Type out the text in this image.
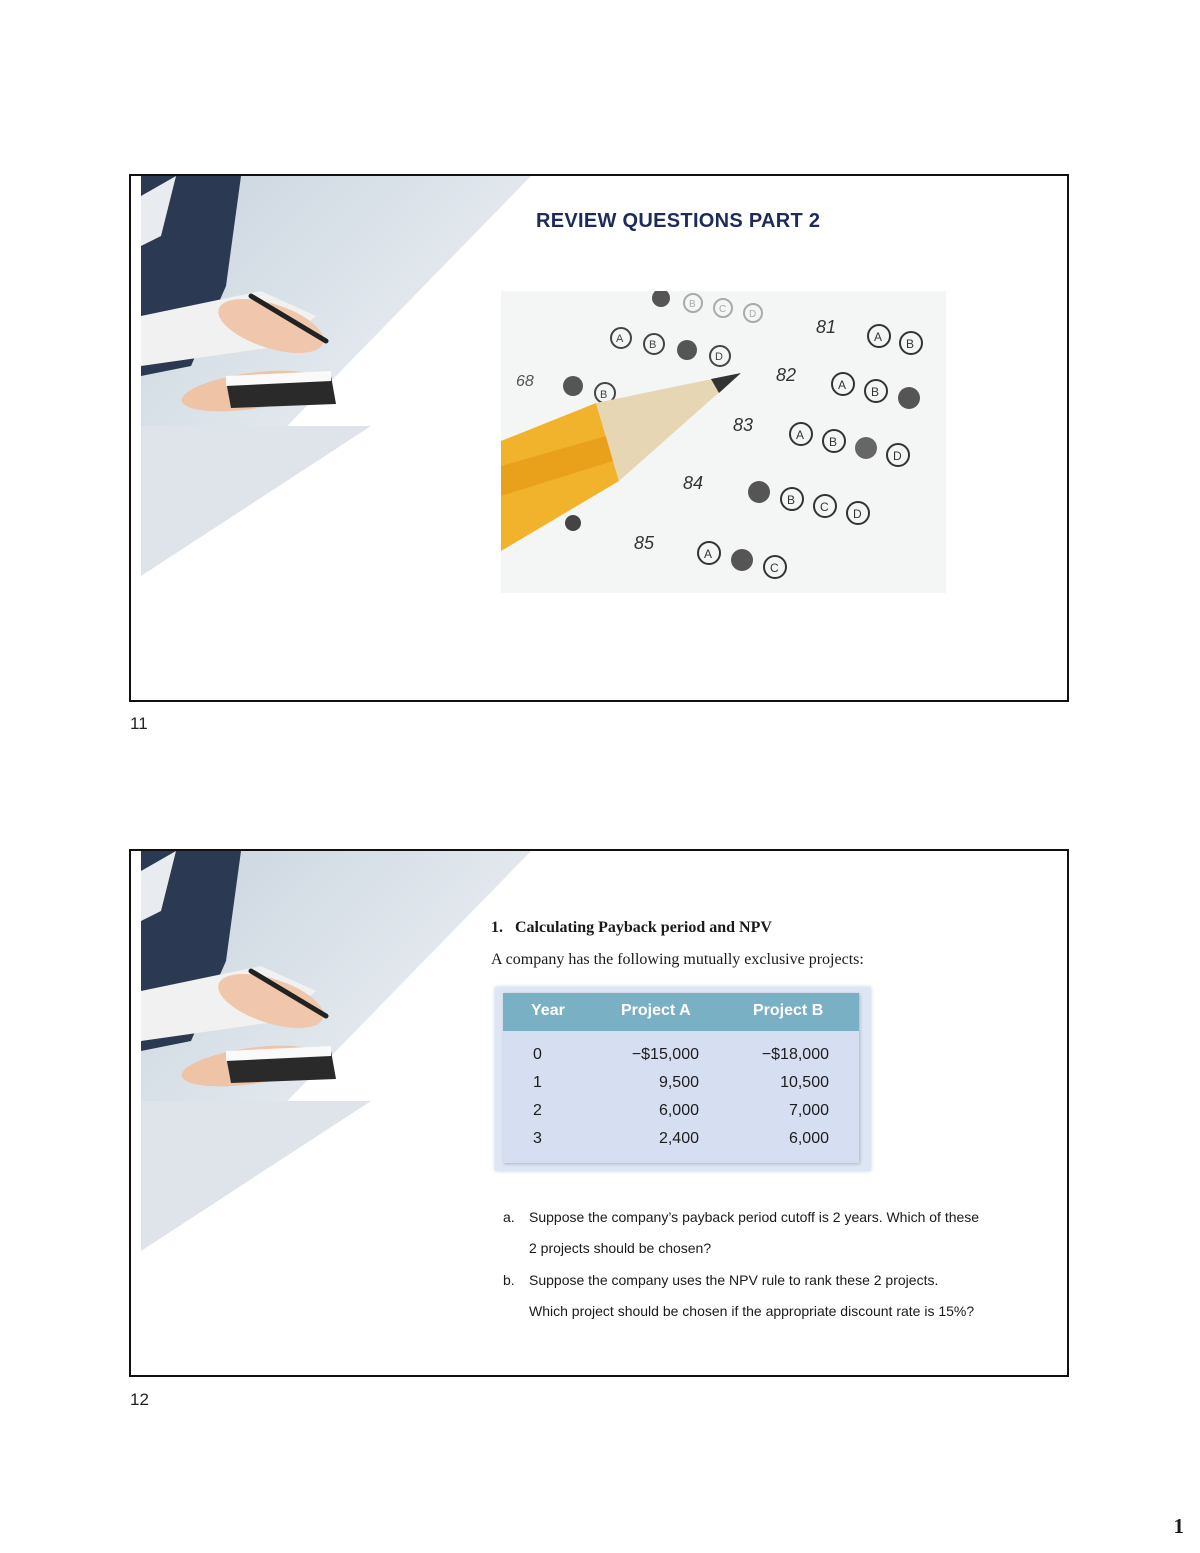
REVIEW QUESTIONS PART 2
81	A B
82	A B
83	A B
D
84
B C D
85
A
C
68
B
A B
D
B C D
11
1. Calculating Payback period and NPV
A company has the following mutually exclusive projects:
Year	Project A	Project B
0	−$15,000	−$18,000
1	9,500	10,500
2	6,000	7,000
3	2,400	6,000
a. Suppose the company’s payback period cutoff is 2 years. Which of these
2 projects should be chosen?
b. Suppose the company uses the NPV rule to rank these 2 projects.
Which project should be chosen if the appropriate discount rate is 15%?
12
1
